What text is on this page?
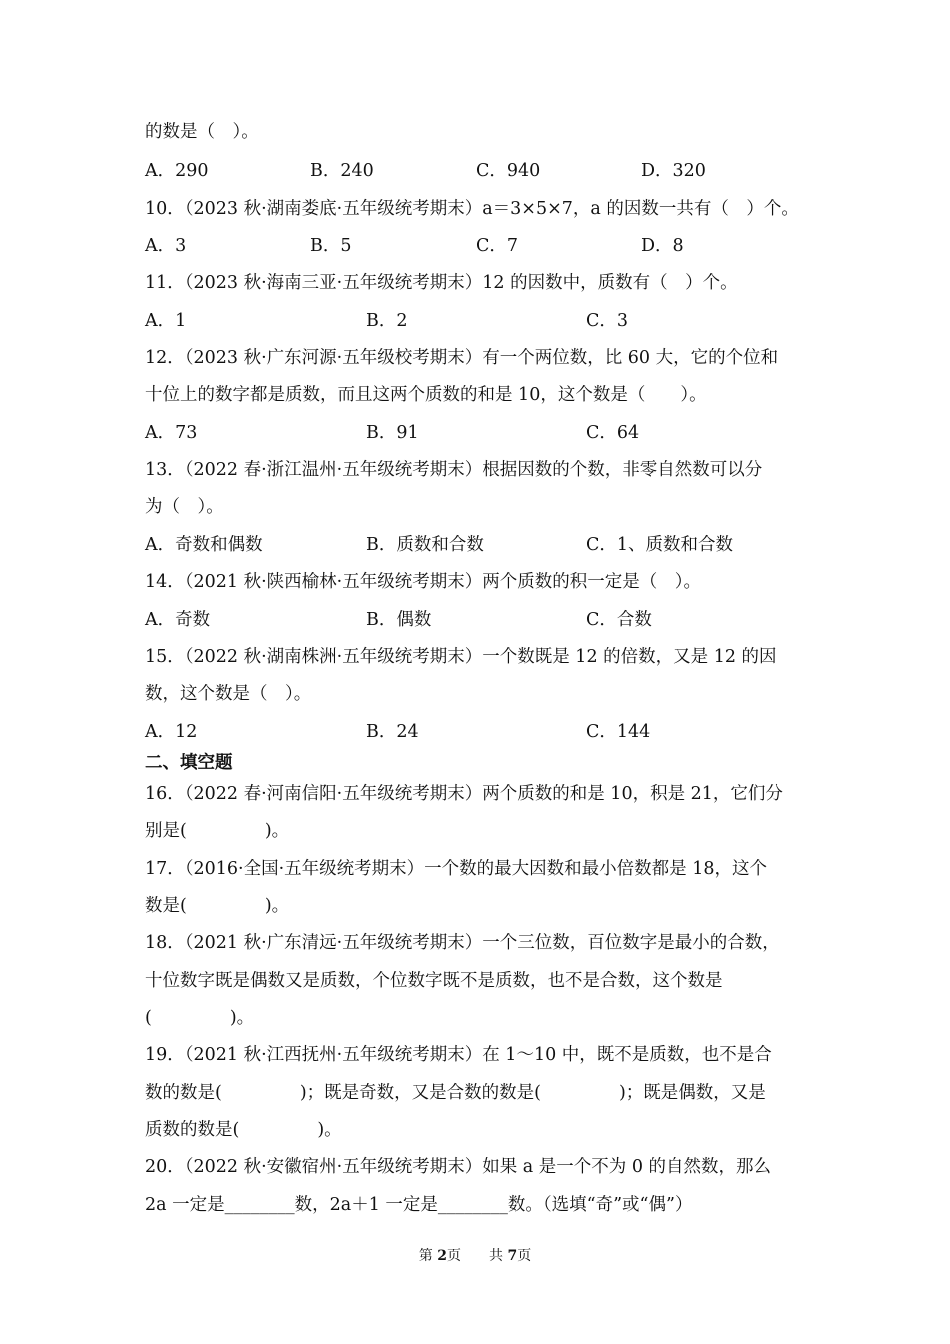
的数是（　）。
A．290	B．240	C．940	D．320
10．（2023 秋·湖南娄底·五年级统考期末）a＝3×5×7，a 的因数一共有（　）个。
A．3	B．5	C．7	D．8
11．（2023 秋·海南三亚·五年级统考期末）12 的因数中，质数有（　）个。
A．1	B．2	C．3
12．（2023 秋·广东河源·五年级校考期末）有一个两位数，比 60 大，它的个位和
十位上的数字都是质数，而且这两个质数的和是 10，这个数是（　　）。
A．73	B．91	C．64
13．（2022 春·浙江温州·五年级统考期末）根据因数的个数，非零自然数可以分
为（　）。
A．奇数和偶数	B．质数和合数	C．1、质数和合数
14．（2021 秋·陕西榆林·五年级统考期末）两个质数的积一定是（　）。
A．奇数	B．偶数	C．合数
15．（2022 秋·湖南株洲·五年级统考期末）一个数既是 12 的倍数，又是 12 的因
数，这个数是（　）。
A．12	B．24	C．144
二、填空题
16．（2022 春·河南信阳·五年级统考期末）两个质数的和是 10，积是 21，它们分
别是(	)。
17．（2016·全国·五年级统考期末）一个数的最大因数和最小倍数都是 18，这个
数是(	)。
18．（2021 秋·广东清远·五年级统考期末）一个三位数，百位数字是最小的合数，
十位数字既是偶数又是质数，个位数字既不是质数，也不是合数，这个数是
(	)。
19．（2021 秋·江西抚州·五年级统考期末）在 1～10 中，既不是质数，也不是合
数的数是(	)；既是奇数，又是合数的数是(	)；既是偶数，又是
质数的数是(	)。
20．（2022 秋·安徽宿州·五年级统考期末）如果 a 是一个不为 0 的自然数，那么
2a 一定是________数，2a＋1 一定是________数。（选填“奇”或“偶”）
第 2页　　共 7页
